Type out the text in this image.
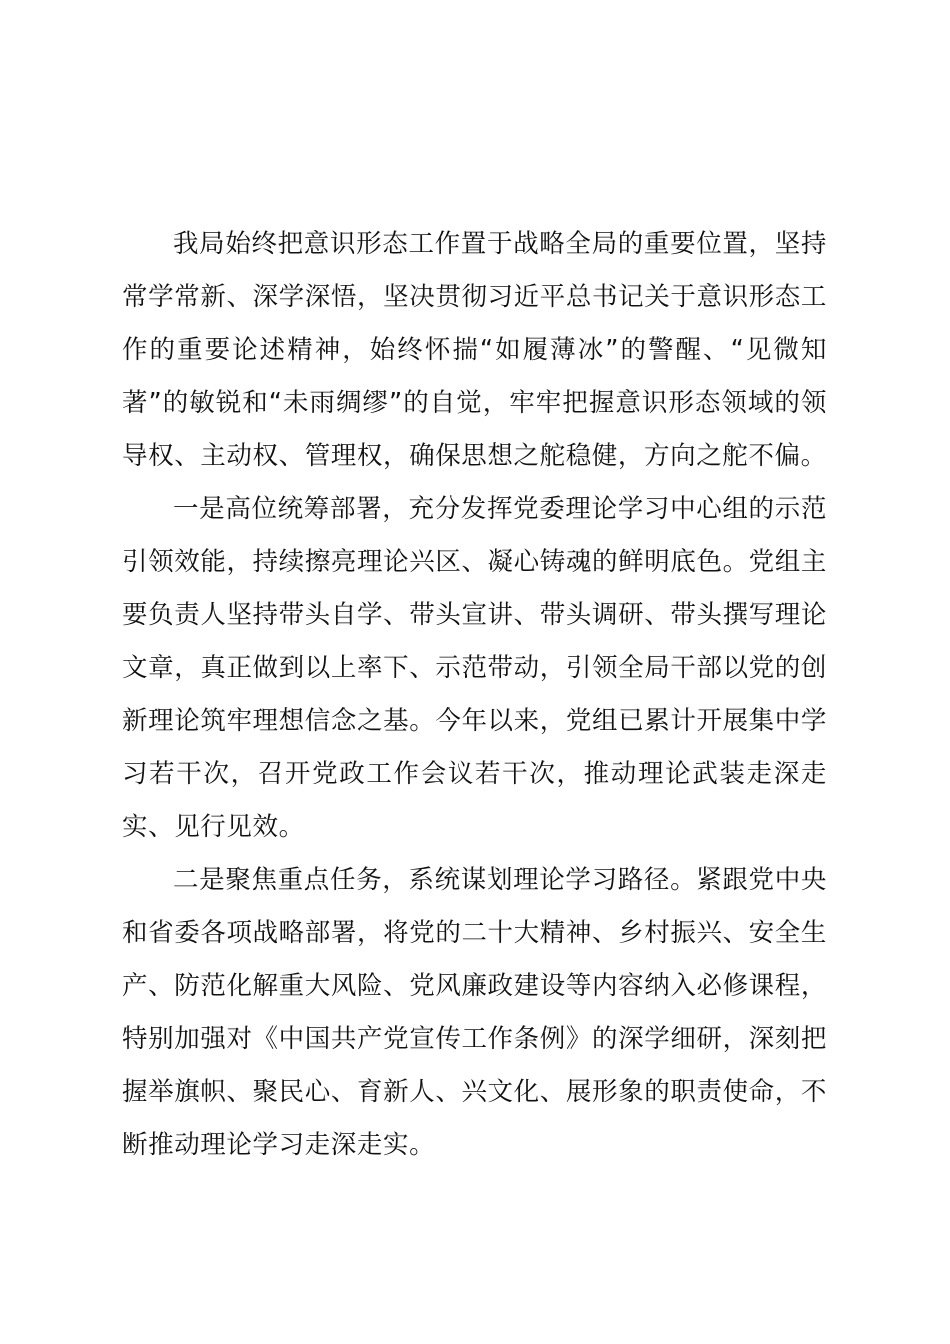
我局始终把意识形态工作置于战略全局的重要位置，坚持常学常新、深学深悟，坚决贯彻习近平总书记关于意识形态工作的重要论述精神，始终怀揣“如履薄冰”的警醒、“见微知著”的敏锐和“未雨绸缪”的自觉，牢牢把握意识形态领域的领导权、主动权、管理权，确保思想之舵稳健，方向之舵不偏。

一是高位统筹部署，充分发挥党委理论学习中心组的示范引领效能，持续擦亮理论兴区、凝心铸魂的鲜明底色。党组主要负责人坚持带头自学、带头宣讲、带头调研、带头撰写理论文章，真正做到以上率下、示范带动，引领全局干部以党的创新理论筑牢理想信念之基。今年以来，党组已累计开展集中学习若干次，召开党政工作会议若干次，推动理论武装走深走实、见行见效。

二是聚焦重点任务，系统谋划理论学习路径。紧跟党中央和省委各项战略部署，将党的二十大精神、乡村振兴、安全生产、防范化解重大风险、党风廉政建设等内容纳入必修课程，特别加强对《中国共产党宣传工作条例》的深学细研，深刻把握举旗帜、聚民心、育新人、兴文化、展形象的职责使命，不断推动理论学习走深走实。
